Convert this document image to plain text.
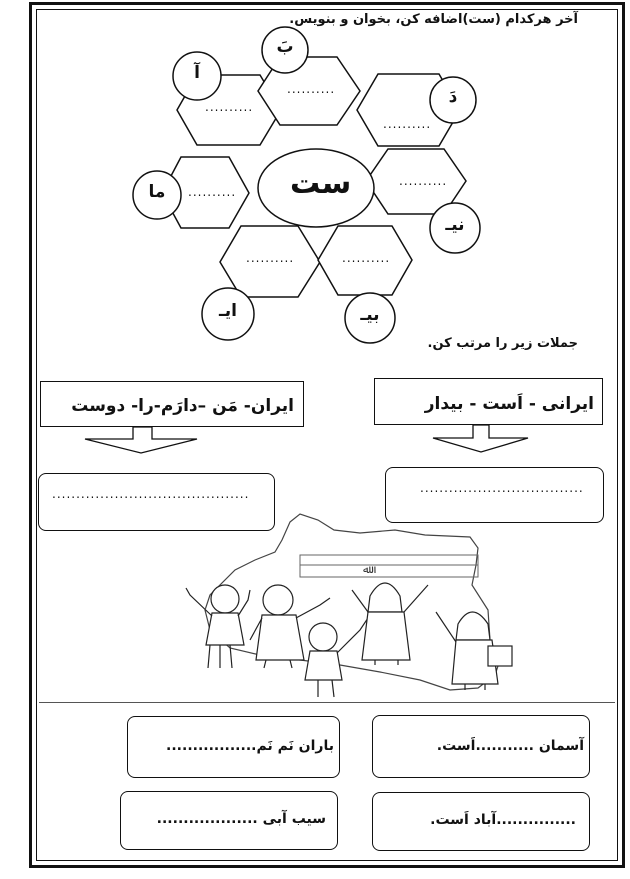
آخر هرکدام (ست)اضافه کن، بخوان و بنویس.
جملات زیر را مرتب کن.
ست
..........
..........
..........
..........
..........
..........	..........
بَ
آ
دَ
ما
نیـ
ایـ	بیـ
ایرانی - اَست - بیدار
ایران- مَن –دارَم-را- دوست
..................................
.........................................
ﷲ
آسمان ...........اَست.
باران نَم نَم.................
...............آباد اَست.
سیب آبی ...................
